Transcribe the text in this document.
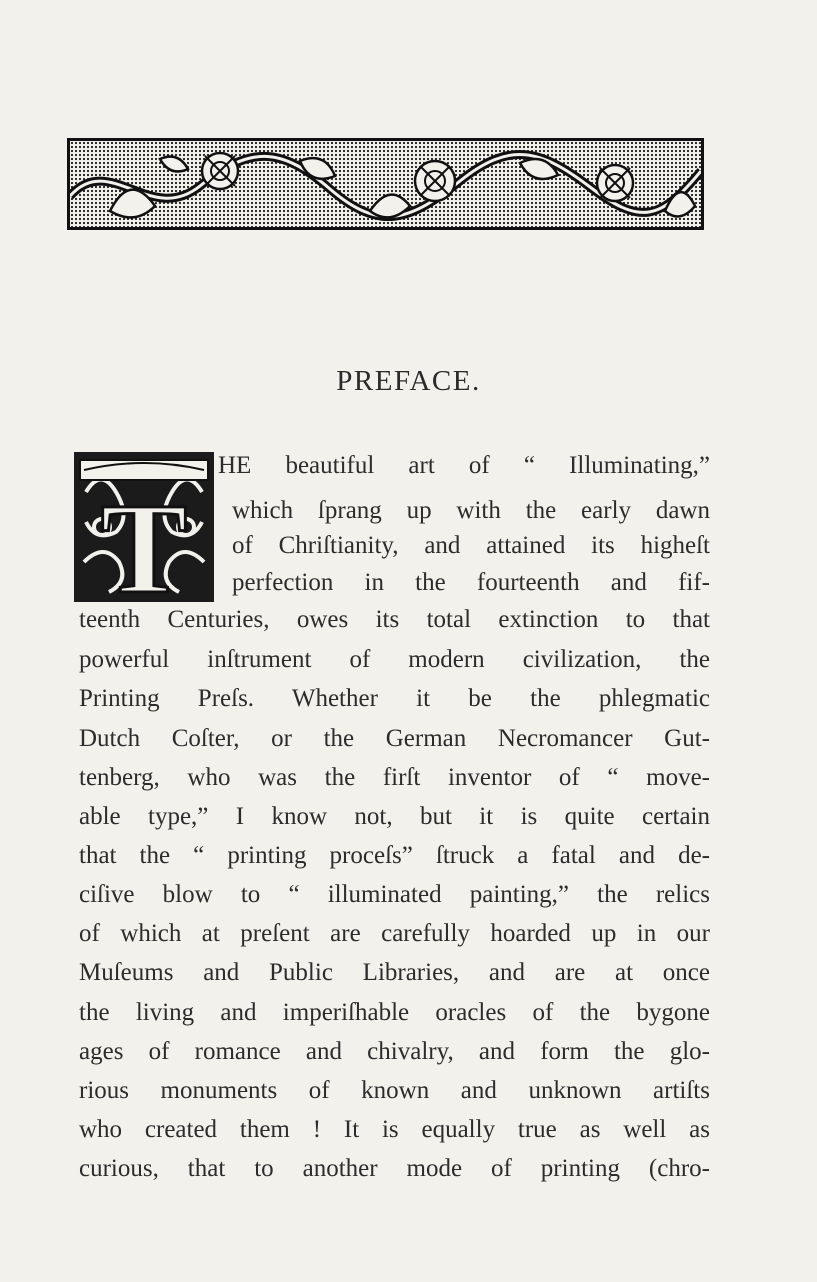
PREFACE.
T
HE beautiful art of “ Illuminating,”
which ſprang up with the early dawn
of Chriſtianity, and attained its higheſt
perfection in the fourteenth and fif-
teenth Centuries, owes its total extinction to that
powerful inſtrument of modern civilization, the
Printing Preſs. Whether it be the phlegmatic
Dutch Coſter, or the German Necromancer Gut-
tenberg, who was the firſt inventor of “ move-
able type,” I know not, but it is quite certain
that the “ printing proceſs” ſtruck a fatal and de-
ciſive blow to “ illuminated painting,” the relics
of which at preſent are carefully hoarded up in our
Muſeums and Public Libraries, and are at once
the living and imperiſhable oracles of the bygone
ages of romance and chivalry, and form the glo-
rious monuments of known and unknown artiſts
who created them ! It is equally true as well as
curious, that to another mode of printing (chro-
